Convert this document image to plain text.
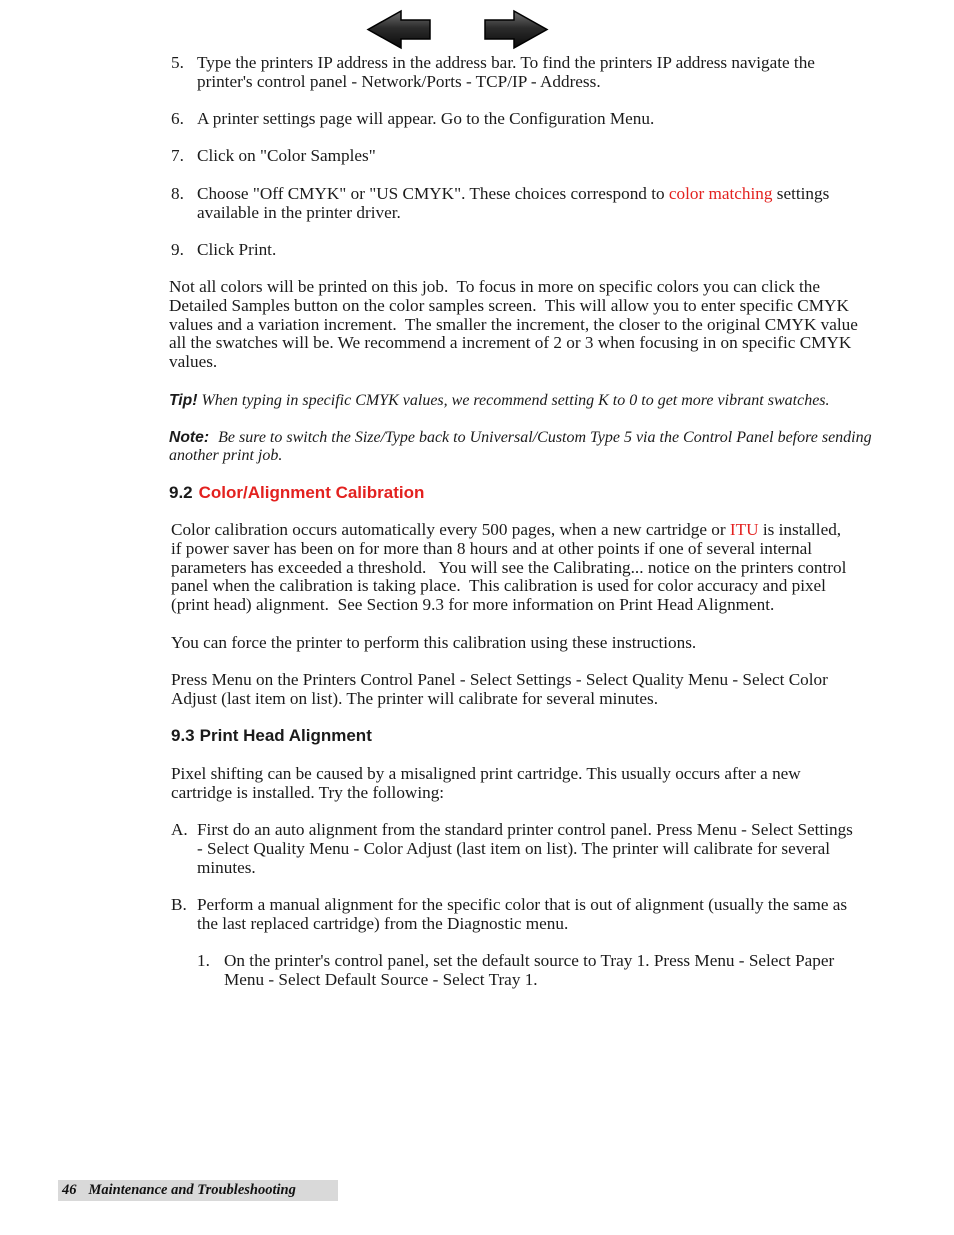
5. Type the printers IP address in the address bar. To find the printers IP address navigate the
printer's control panel - Network/Ports - TCP/IP - Address.
6. A printer settings page will appear. Go to the Configuration Menu.
7. Click on "Color Samples"
8. Choose "Off CMYK" or "US CMYK". These choices correspond to color matching settings
available in the printer driver.
9. Click Print.
Not all colors will be printed on this job.  To focus in more on specific colors you can click the
Detailed Samples button on the color samples screen.  This will allow you to enter specific CMYK
values and a variation increment.  The smaller the increment, the closer to the original CMYK value
all the swatches will be. We recommend a increment of 2 or 3 when focusing in on specific CMYK
values.
Tip! When typing in specific CMYK values, we recommend setting K to 0 to get more vibrant swatches.
Note: Be sure to switch the Size/Type back to Universal/Custom Type 5 via the Control Panel before sending
another print job.
9.2 Color/Alignment Calibration
Color calibration occurs automatically every 500 pages, when a new cartridge or ITU is installed,
if power saver has been on for more than 8 hours and at other points if one of several internal
parameters has exceeded a threshold.   You will see the Calibrating... notice on the printers control
panel when the calibration is taking place.  This calibration is used for color accuracy and pixel
(print head) alignment.  See Section 9.3 for more information on Print Head Alignment.
You can force the printer to perform this calibration using these instructions.
Press Menu on the Printers Control Panel - Select Settings - Select Quality Menu - Select Color
Adjust (last item on list). The printer will calibrate for several minutes.
9.3 Print Head Alignment
Pixel shifting can be caused by a misaligned print cartridge. This usually occurs after a new
cartridge is installed. Try the following:
A. First do an auto alignment from the standard printer control panel. Press Menu - Select Settings
- Select Quality Menu - Color Adjust (last item on list). The printer will calibrate for several
minutes.
B. Perform a manual alignment for the specific color that is out of alignment (usually the same as
the last replaced cartridge) from the Diagnostic menu.
1. On the printer's control panel, set the default source to Tray 1. Press Menu - Select Paper
Menu - Select Default Source - Select Tray 1.
46 Maintenance and Troubleshooting
